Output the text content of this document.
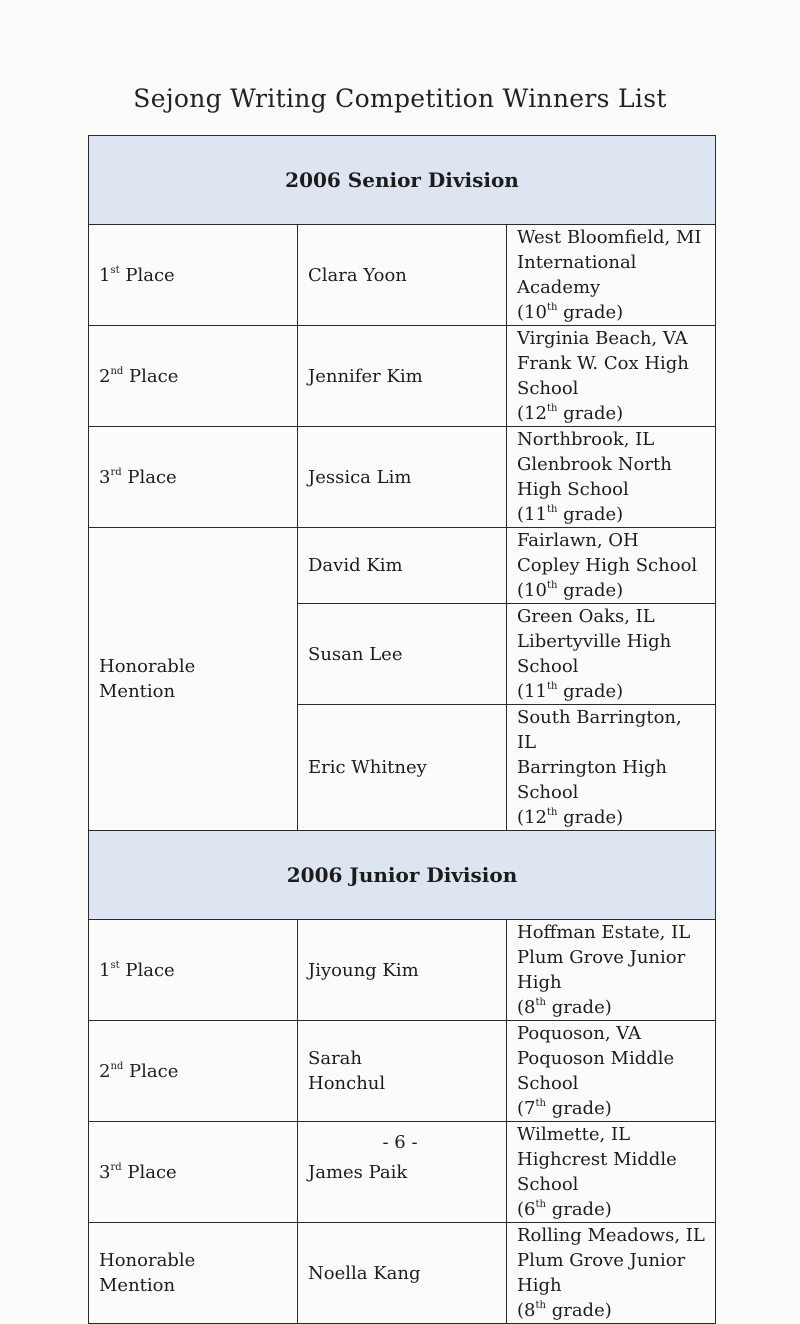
Sejong Writing Competition Winners List
2006 Senior Division		
1st Place	Clara Yoon	West Bloomfield, MI
International Academy
(10th grade)
2nd Place	Jennifer Kim	Virginia Beach, VA
Frank W. Cox High School
(12th grade)
3rd Place	Jessica Lim	Northbrook, IL
Glenbrook North High School
(11th grade)
Honorable
Mention	David Kim	Fairlawn, OH
Copley High School
(10th grade)
	Susan Lee	Green Oaks, IL
Libertyville High School
(11th grade)
	Eric Whitney	South Barrington, IL
Barrington High School
(12th grade)
2006 Junior Division		
1st Place	Jiyoung Kim	Hoffman Estate, IL
Plum Grove Junior High
(8th grade)
2nd Place	Sarah
Honchul	Poquoson, VA
Poquoson Middle School
(7th grade)
3rd Place	James Paik	Wilmette, IL
Highcrest Middle School
(6th grade)
Honorable
Mention	Noella Kang	Rolling Meadows, IL
Plum Grove Junior High
(8th grade)
- 6 -
